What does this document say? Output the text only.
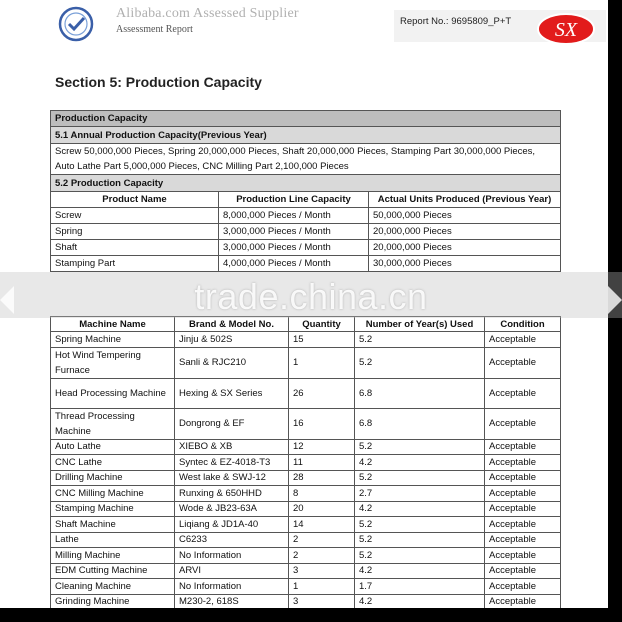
Alibaba.com Assessed Supplier
Assessment Report
Report No.: 9695809_P+T SX
Section 5: Production Capacity
Production Capacity		
5.1 Annual Production Capacity(Previous Year)		
Screw 50,000,000 Pieces, Spring 20,000,000 Pieces, Shaft 20,000,000 Pieces, Stamping Part 30,000,000 Pieces, Auto Lathe Part 5,000,000 Pieces, CNC Milling Part 2,100,000 Pieces		
5.2 Production Capacity		
Product Name	Production Line Capacity	Actual Units Produced (Previous Year)
Screw	8,000,000 Pieces / Month	50,000,000 Pieces
Spring	3,000,000 Pieces / Month	20,000,000 Pieces
Shaft	3,000,000 Pieces / Month	20,000,000 Pieces
Stamping Part	4,000,000 Pieces / Month	30,000,000 Pieces
Machine Name	Brand & Model No.	Quantity	Number of Year(s) Used	Condition
Spring Machine	Jinju & 502S	15	5.2	Acceptable
Hot Wind Tempering Furnace	Sanli & RJC210	1	5.2	Acceptable
Head Processing Machine	Hexing & SX Series	26	6.8	Acceptable
Thread Processing Machine	Dongrong & EF	16	6.8	Acceptable
Auto Lathe	XIEBO & XB	12	5.2	Acceptable
CNC Lathe	Syntec & EZ-4018-T3	11	4.2	Acceptable
Drilling Machine	West lake & SWJ-12	28	5.2	Acceptable
CNC Milling Machine	Runxing & 650HHD	8	2.7	Acceptable
Stamping Machine	Wode & JB23-63A	20	4.2	Acceptable
Shaft Machine	Liqiang & JD1A-40	14	5.2	Acceptable
Lathe	C6233	2	5.2	Acceptable
Milling Machine	No Information	2	5.2	Acceptable
EDM Cutting Machine	ARVI	3	4.2	Acceptable
Cleaning Machine	No Information	1	1.7	Acceptable
Grinding Machine	M230-2, 618S	3	4.2	Acceptable
trade.china.cn
